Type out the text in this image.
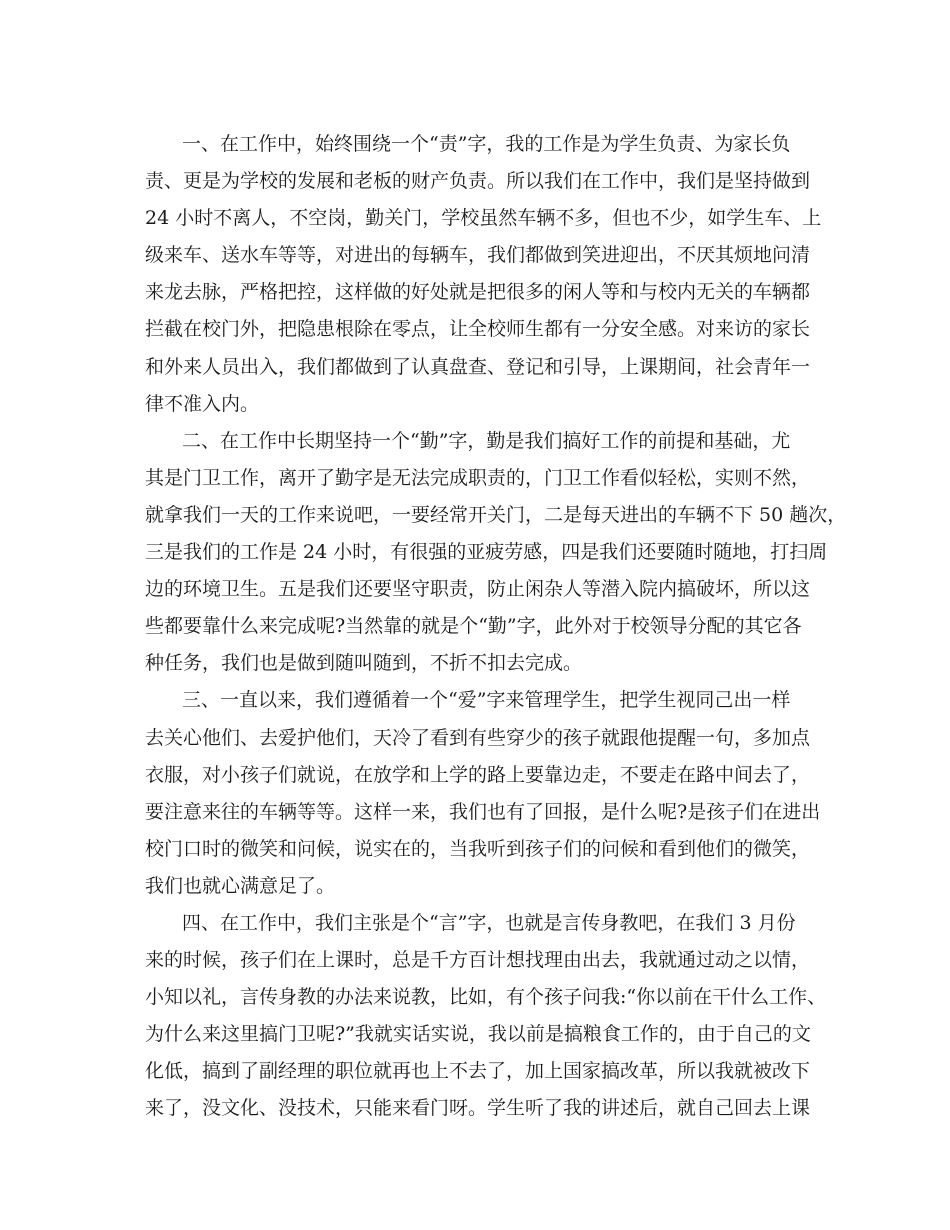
一、在工作中，始终围绕一个“责”字，我的工作是为学生负责、为家长负
责、更是为学校的发展和老板的财产负责。所以我们在工作中，我们是坚持做到
24 小时不离人，不空岗，勤关门，学校虽然车辆不多，但也不少，如学生车、上
级来车、送水车等等，对进出的每辆车，我们都做到笑进迎出，不厌其烦地问清
来龙去脉，严格把控，这样做的好处就是把很多的闲人等和与校内无关的车辆都
拦截在校门外，把隐患根除在零点，让全校师生都有一分安全感。对来访的家长
和外来人员出入，我们都做到了认真盘查、登记和引导，上课期间，社会青年一
律不准入内。
二、在工作中长期坚持一个“勤”字，勤是我们搞好工作的前提和基础，尤
其是门卫工作，离开了勤字是无法完成职责的，门卫工作看似轻松，实则不然，
就拿我们一天的工作来说吧，一要经常开关门，二是每天进出的车辆不下 50 趟次，
三是我们的工作是 24 小时，有很强的亚疲劳感，四是我们还要随时随地，打扫周
边的环境卫生。五是我们还要坚守职责，防止闲杂人等潜入院内搞破坏，所以这
些都要靠什么来完成呢?当然靠的就是个“勤”字，此外对于校领导分配的其它各
种任务，我们也是做到随叫随到，不折不扣去完成。
三、一直以来，我们遵循着一个“爱”字来管理学生，把学生视同己出一样
去关心他们、去爱护他们，天冷了看到有些穿少的孩子就跟他提醒一句，多加点
衣服，对小孩子们就说，在放学和上学的路上要靠边走，不要走在路中间去了，
要注意来往的车辆等等。这样一来，我们也有了回报，是什么呢?是孩子们在进出
校门口时的微笑和问候，说实在的，当我听到孩子们的问候和看到他们的微笑，
我们也就心满意足了。
四、在工作中，我们主张是个“言”字，也就是言传身教吧，在我们 3 月份
来的时候，孩子们在上课时，总是千方百计想找理由出去，我就通过动之以情，
小知以礼，言传身教的办法来说教，比如，有个孩子问我:“你以前在干什么工作、
为什么来这里搞门卫呢?”我就实话实说，我以前是搞粮食工作的，由于自己的文
化低，搞到了副经理的职位就再也上不去了，加上国家搞改革，所以我就被改下
来了，没文化、没技术，只能来看门呀。学生听了我的讲述后，就自己回去上课
